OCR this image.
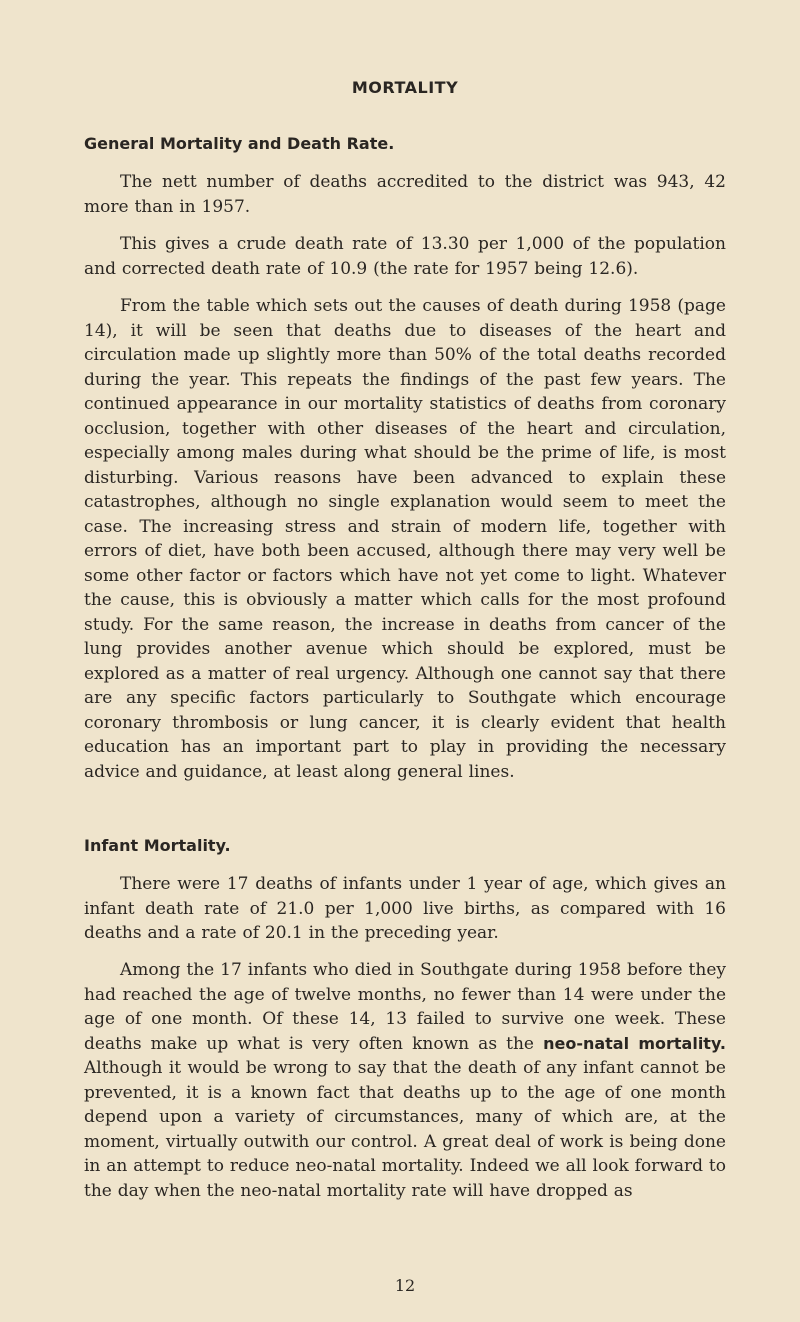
MORTALITY
General Mortality and Death Rate.

The nett number of deaths accredited to the district was 943, 42 more than in 1957.

This gives a crude death rate of 13.30 per 1,000 of the population and corrected death rate of 10.9 (the rate for 1957 being 12.6).

From the table which sets out the causes of death during 1958 (page 14), it will be seen that deaths due to diseases of the heart and circulation made up slightly more than 50% of the total deaths recorded during the year. This repeats the findings of the past few years. The continued appearance in our mortality statistics of deaths from coronary occlusion, together with other diseases of the heart and circulation, especially among males during what should be the prime of life, is most disturbing. Various reasons have been advanced to explain these catastrophes, although no single explanation would seem to meet the case. The increasing stress and strain of modern life, together with errors of diet, have both been accused, although there may very well be some other factor or factors which have not yet come to light. Whatever the cause, this is obviously a matter which calls for the most profound study. For the same reason, the increase in deaths from cancer of the lung provides another avenue which should be explored, must be explored as a matter of real urgency. Although one cannot say that there are any specific factors particularly to Southgate which encourage coronary thrombosis or lung cancer, it is clearly evident that health education has an important part to play in providing the necessary advice and guidance, at least along general lines.

Infant Mortality.

There were 17 deaths of infants under 1 year of age, which gives an infant death rate of 21.0 per 1,000 live births, as compared with 16 deaths and a rate of 20.1 in the preceding year.

Among the 17 infants who died in Southgate during 1958 before they had reached the age of twelve months, no fewer than 14 were under the age of one month. Of these 14, 13 failed to survive one week. These deaths make up what is very often known as the neo-natal mortality. Although it would be wrong to say that the death of any infant cannot be prevented, it is a known fact that deaths up to the age of one month depend upon a variety of circumstances, many of which are, at the moment, virtually outwith our control. A great deal of work is being done in an attempt to reduce neo-natal mortality. Indeed we all look forward to the day when the neo-natal mortality rate will have dropped as

12
